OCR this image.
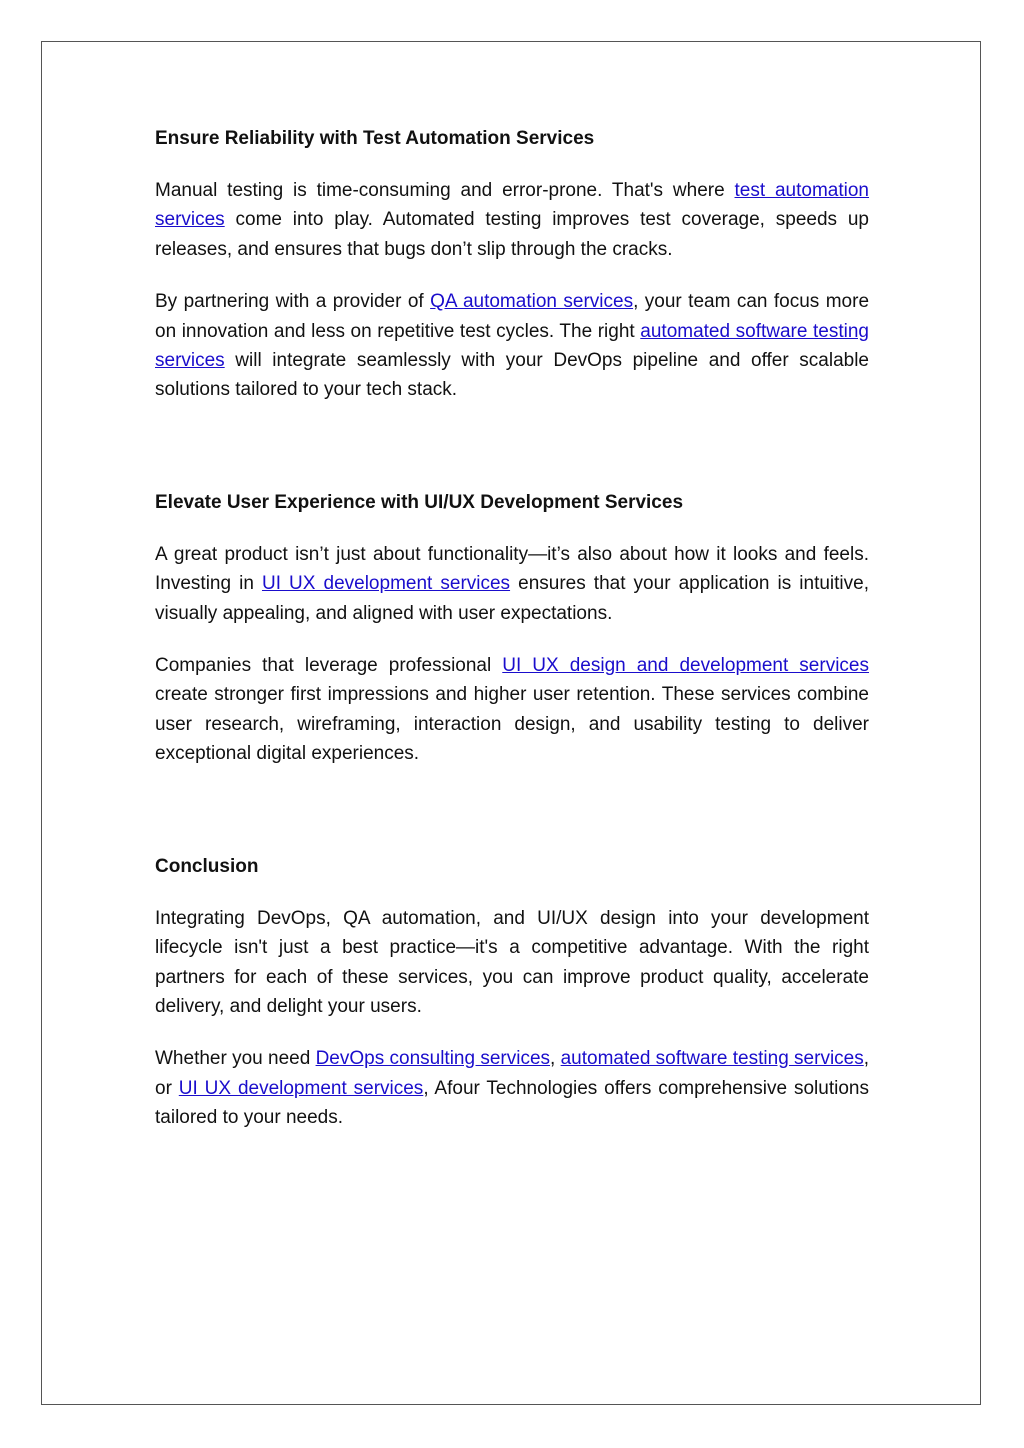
Ensure Reliability with Test Automation Services

Manual testing is time-consuming and error-prone. That's where test automation services come into play. Automated testing improves test coverage, speeds up releases, and ensures that bugs don’t slip through the cracks.

By partnering with a provider of QA automation services, your team can focus more on innovation and less on repetitive test cycles. The right automated software testing services will integrate seamlessly with your DevOps pipeline and offer scalable solutions tailored to your tech stack.

Elevate User Experience with UI/UX Development Services

A great product isn’t just about functionality—it’s also about how it looks and feels. Investing in UI UX development services ensures that your application is intuitive, visually appealing, and aligned with user expectations.

Companies that leverage professional UI UX design and development services create stronger first impressions and higher user retention. These services combine user research, wireframing, interaction design, and usability testing to deliver exceptional digital experiences.

Conclusion

Integrating DevOps, QA automation, and UI/UX design into your development lifecycle isn't just a best practice—it's a competitive advantage. With the right partners for each of these services, you can improve product quality, accelerate delivery, and delight your users.

Whether you need DevOps consulting services, automated software testing services, or UI UX development services, Afour Technologies offers comprehensive solutions tailored to your needs.
